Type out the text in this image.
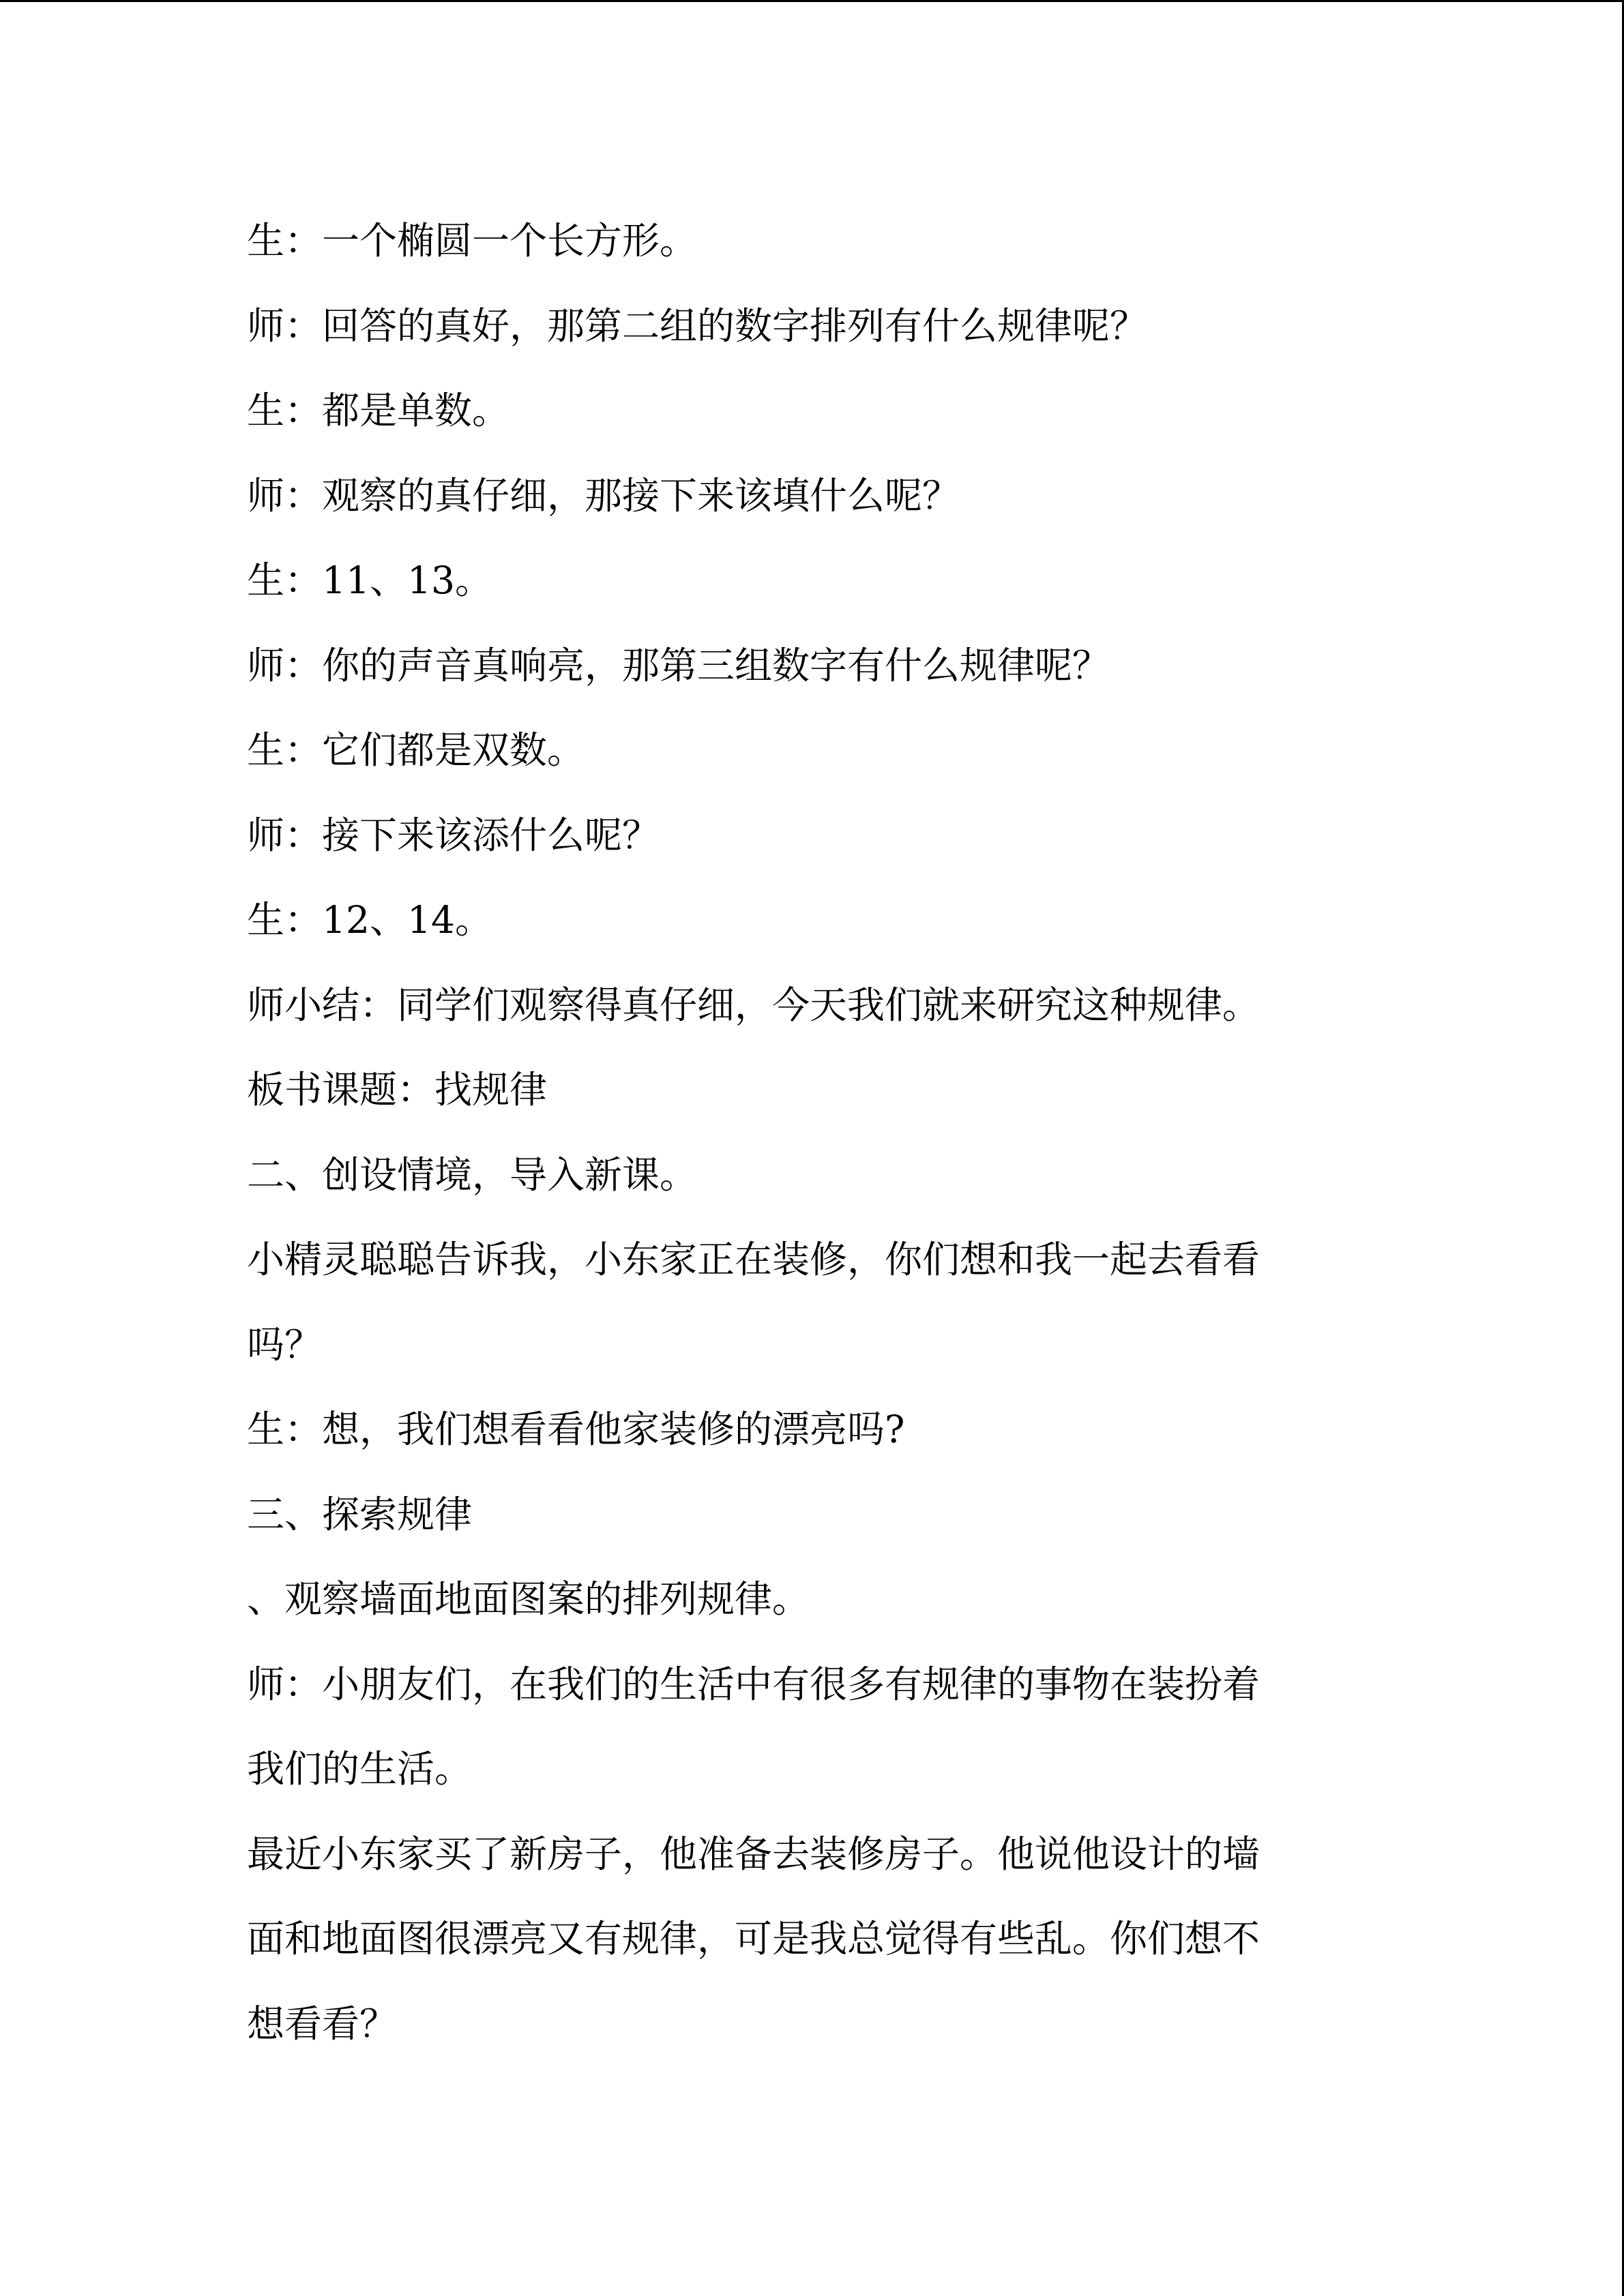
生：一个椭圆一个长方形。

师：回答的真好，那第二组的数字排列有什么规律呢？

生：都是单数。

师：观察的真仔细，那接下来该填什么呢？

生：11、13。

师：你的声音真响亮，那第三组数字有什么规律呢？

生：它们都是双数。

师：接下来该添什么呢？

生：12、14。

师小结：同学们观察得真仔细，今天我们就来研究这种规律。

板书课题：找规律

二、创设情境，导入新课。

小精灵聪聪告诉我，小东家正在装修，你们想和我一起去看看

吗？

生：想，我们想看看他家装修的漂亮吗?

三、探索规律

、观察墙面地面图案的排列规律。

师：小朋友们，在我们的生活中有很多有规律的事物在装扮着

我们的生活。

最近小东家买了新房子，他准备去装修房子。他说他设计的墙

面和地面图很漂亮又有规律，可是我总觉得有些乱。你们想不

想看看？
